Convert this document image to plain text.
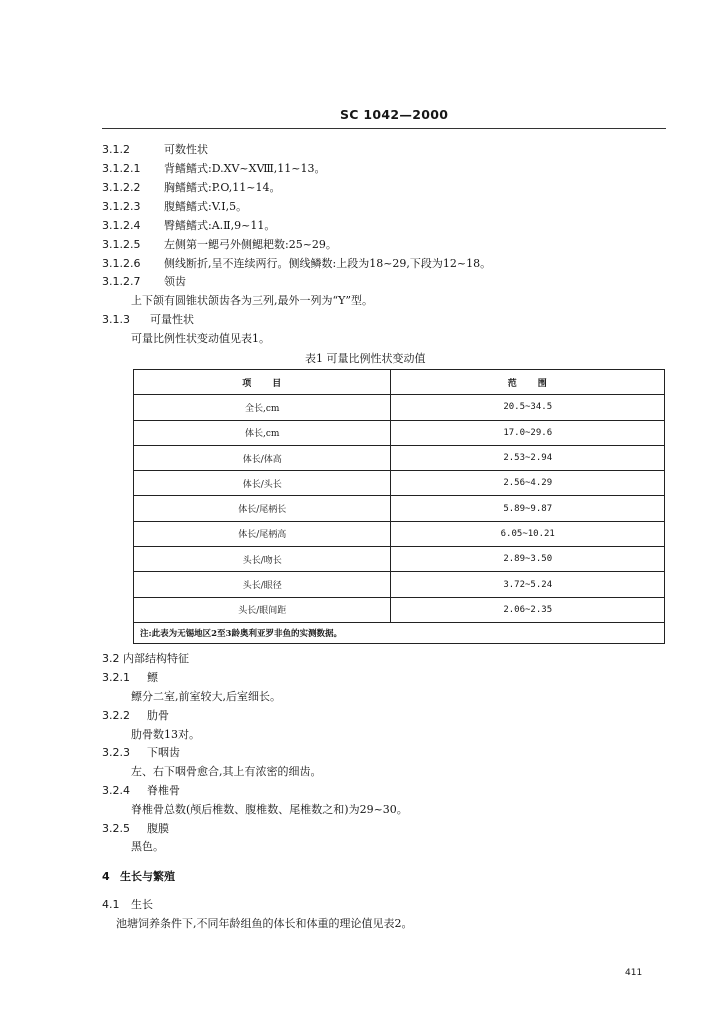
SC 1042—2000
3.1.2	可数性状
3.1.2.1 背鳍鳍式:D.XⅤ~XⅧ,11~13。
3.1.2.2 胸鳍鳍式:P.O,11~14。
3.1.2.3 腹鳍鳍式:V.I,5。
3.1.2.4 臀鳍鳍式:A.Ⅱ,9~11。
3.1.2.5 左侧第一鳃弓外侧鳃耙数:25~29。
3.1.2.6 侧线断折,呈不连续两行。侧线鳞数:上段为18~29,下段为12~18。
3.1.2.7 领齿
上下颌有圆锥状颌齿各为三列,最外一列为“Y”型。
3.1.3 可量性状
可量比例性状变动值见表1。
表1 可量比例性状变动值
项　　目	范　　围
全长,cm	20.5~34.5
体长,cm	17.0~29.6
体长/体高	2.53~2.94
体长/头长	2.56~4.29
体长/尾柄长	5.89~9.87
体长/尾柄高	6.05~10.21
头长/吻长	2.89~3.50
头长/眼径	3.72~5.24
头长/眼间距	2.06~2.35
注:此表为无锡地区2至3龄奥利亚罗非鱼的实测数据。	
3.2 内部结构特征
3.2.1 鳔
鳔分二室,前室较大,后室细长。
3.2.2 肋骨
肋骨数13对。
3.2.3 下咽齿
左、右下咽骨愈合,其上有浓密的细齿。
3.2.4 脊椎骨
脊椎骨总数(颅后椎数、腹椎数、尾椎数之和)为29~30。
3.2.5 腹膜
黑色。
4 生长与繁殖
4.1 生长
池塘饲养条件下,不同年龄组鱼的体长和体重的理论值见表2。
411
